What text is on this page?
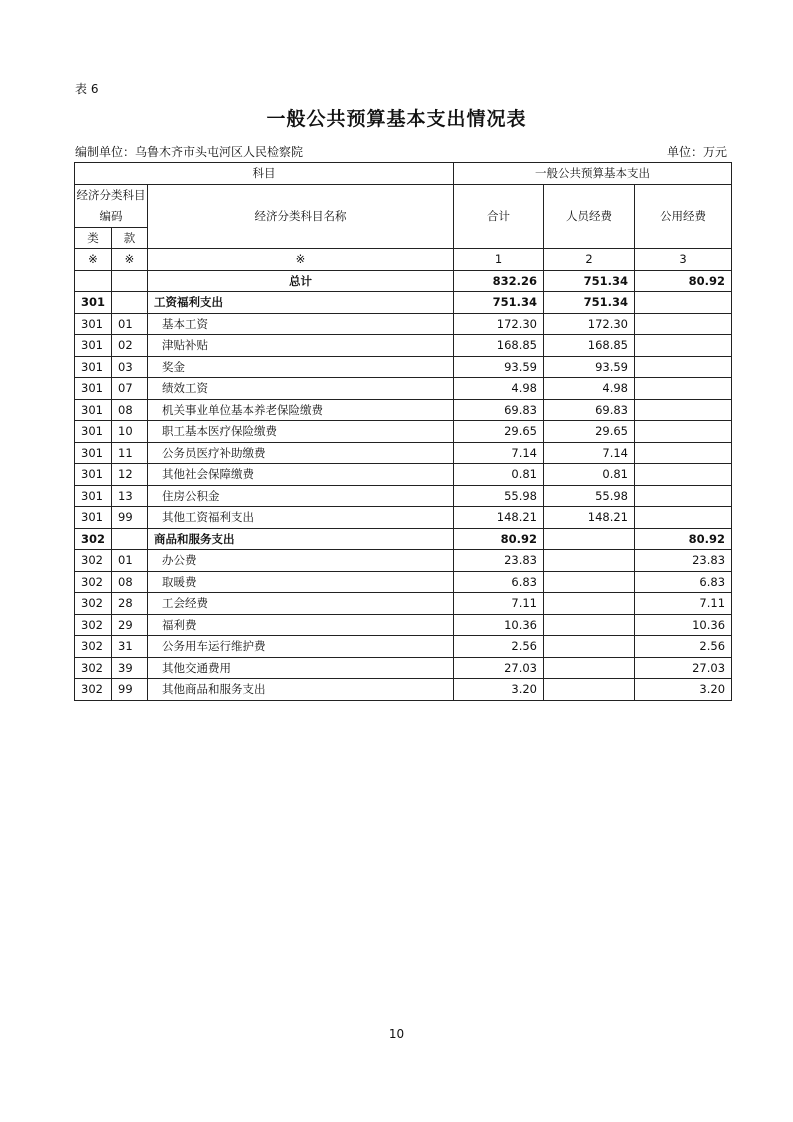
表 6
一般公共预算基本支出情况表
编制单位：乌鲁木齐市头屯河区人民检察院	单位：万元
科目			一般公共预算基本支出		
经济分类科目编码		经济分类科目名称	合计	人员经费	公用经费
类	款				
※	※	※	1	2	3
		总计	832.26	751.34	80.92
301		工资福利支出	751.34	751.34	
301	01	基本工资	172.30	172.30	
301	02	津贴补贴	168.85	168.85	
301	03	奖金	93.59	93.59	
301	07	绩效工资	4.98	4.98	
301	08	机关事业单位基本养老保险缴费	69.83	69.83	
301	10	职工基本医疗保险缴费	29.65	29.65	
301	11	公务员医疗补助缴费	7.14	7.14	
301	12	其他社会保障缴费	0.81	0.81	
301	13	住房公积金	55.98	55.98	
301	99	其他工资福利支出	148.21	148.21	
302		商品和服务支出	80.92		80.92
302	01	办公费	23.83		23.83
302	08	取暖费	6.83		6.83
302	28	工会经费	7.11		7.11
302	29	福利费	10.36		10.36
302	31	公务用车运行维护费	2.56		2.56
302	39	其他交通费用	27.03		27.03
302	99	其他商品和服务支出	3.20		3.20
10
